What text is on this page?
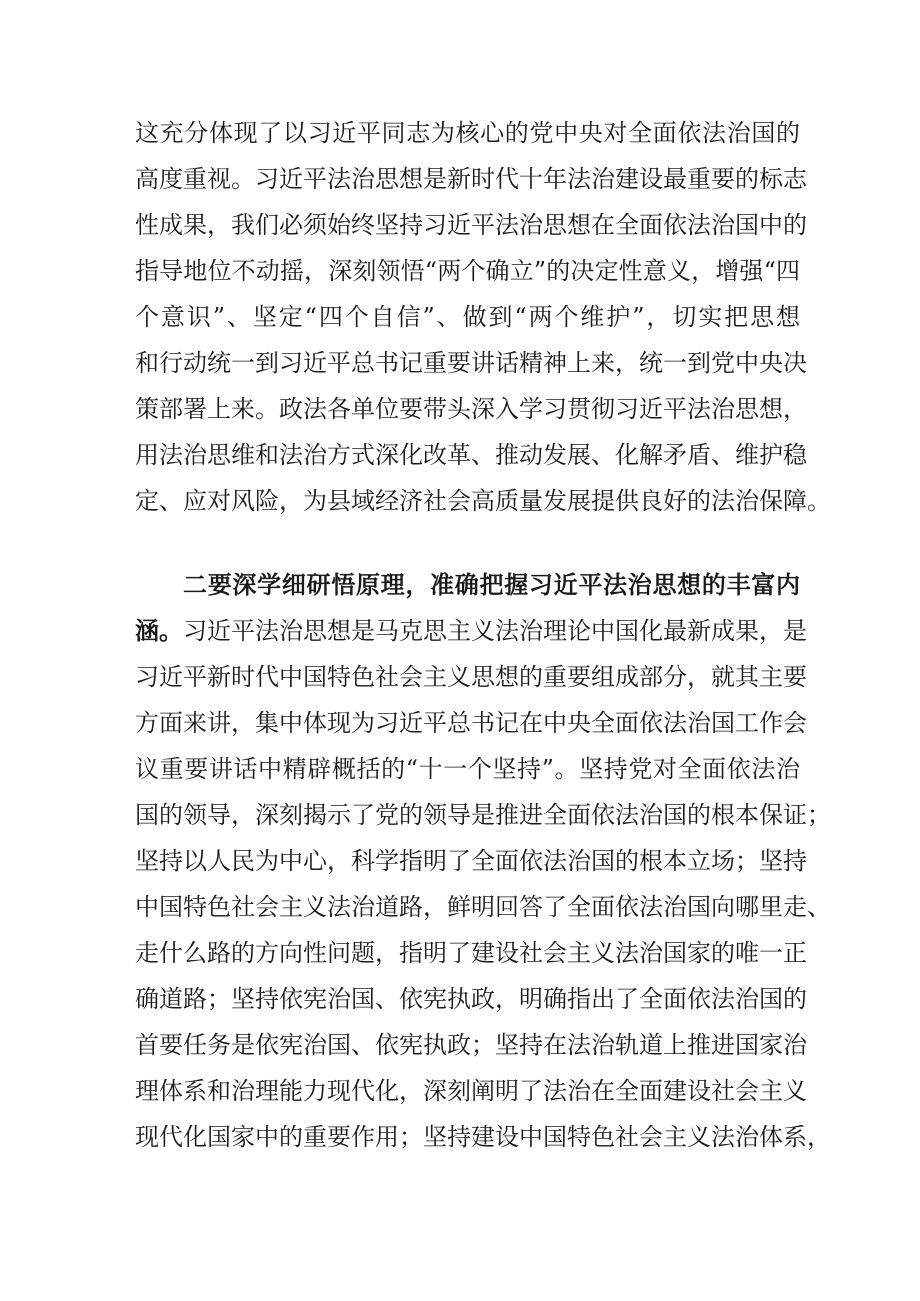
这充分体现了以习近平同志为核心的党中央对全面依法治国的
高度重视。习近平法治思想是新时代十年法治建设最重要的标志
性成果，我们必须始终坚持习近平法治思想在全面依法治国中的
指导地位不动摇，深刻领悟“两个确立”的决定性意义，增强“四
个意识”、坚定“四个自信”、做到“两个维护”，切实把思想
和行动统一到习近平总书记重要讲话精神上来，统一到党中央决
策部署上来。政法各单位要带头深入学习贯彻习近平法治思想，
用法治思维和法治方式深化改革、推动发展、化解矛盾、维护稳
定、应对风险，为县域经济社会高质量发展提供良好的法治保障。
二要深学细研悟原理，准确把握习近平法治思想的丰富内
涵。习近平法治思想是马克思主义法治理论中国化最新成果，是
习近平新时代中国特色社会主义思想的重要组成部分，就其主要
方面来讲，集中体现为习近平总书记在中央全面依法治国工作会
议重要讲话中精辟概括的“十一个坚持”。坚持党对全面依法治
国的领导，深刻揭示了党的领导是推进全面依法治国的根本保证；
坚持以人民为中心，科学指明了全面依法治国的根本立场；坚持
中国特色社会主义法治道路，鲜明回答了全面依法治国向哪里走、
走什么路的方向性问题，指明了建设社会主义法治国家的唯一正
确道路；坚持依宪治国、依宪执政，明确指出了全面依法治国的
首要任务是依宪治国、依宪执政；坚持在法治轨道上推进国家治
理体系和治理能力现代化，深刻阐明了法治在全面建设社会主义
现代化国家中的重要作用；坚持建设中国特色社会主义法治体系，
